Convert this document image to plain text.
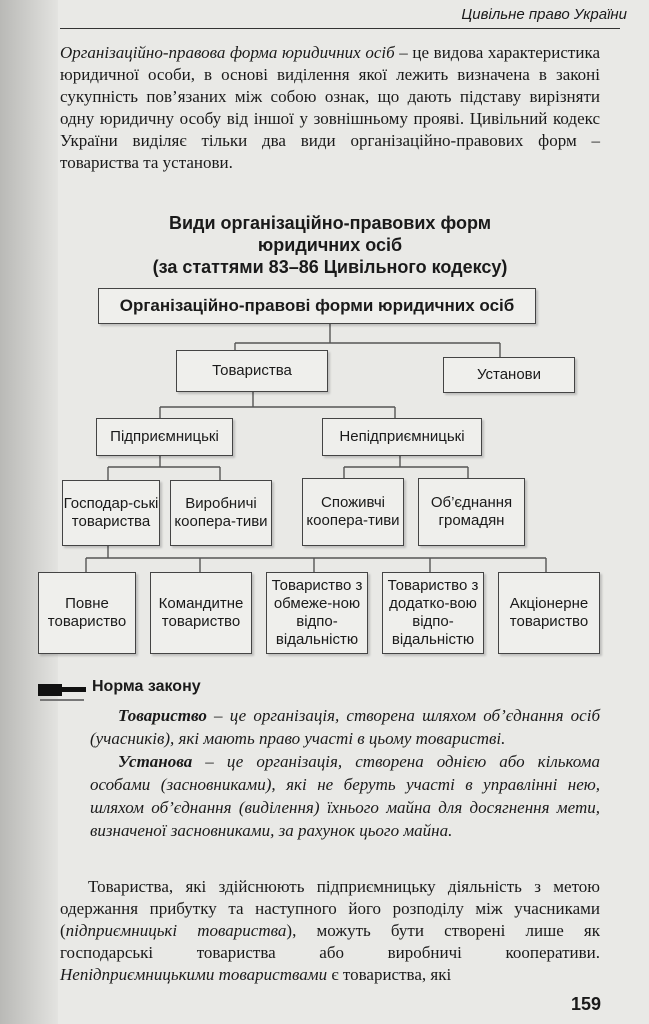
Цивільне право України
Організаційно-правова форма юридичних осіб – це видова характеристика юридичної особи, в основі виділення якої лежить визначена в законі сукупність пов’язаних між собою ознак, що дають підставу вирізняти одну юридичну особу від іншої у зовнішньому прояві. Цивільний кодекс України виділяє тільки два види організаційно-правових форм – товариства та установи.
Види організаційно-правових форм
юридичних осіб
(за статтями 83–86 Цивільного кодексу)
Організаційно-правові форми юридичних осіб
Товариства	Установи
Підприємницькі	Непідприємницькі
Господар-ські товариства
Виробничі коопера-тиви
Споживчі коопера-тиви
Об’єднання громадян
Повне товариство
Командитне товариство
Товариство з обмеже-ною відпо-відальністю
Товариство з додатко-вою відпо-відальністю
Акціонерне товариство
Норма закону

Товариство – це організація, створена шляхом об’єднання осіб (учасників), які мають право участі в цьому товаристві.

Установа – це організація, створена однією або кількома особами (засновниками), які не беруть участі в управлінні нею, шляхом об’єднання (виділення) їхнього майна для досягнення мети, визначеної засновниками, за рахунок цього майна.

Товариства, які здійснюють підприємницьку діяльність з метою одержання прибутку та наступного його розподілу між учасниками (підприємницькі товариства), можуть бути створені лише як господарські товариства або виробничі кооперативи. Непідприємницькими товариствами є товариства, які

159
